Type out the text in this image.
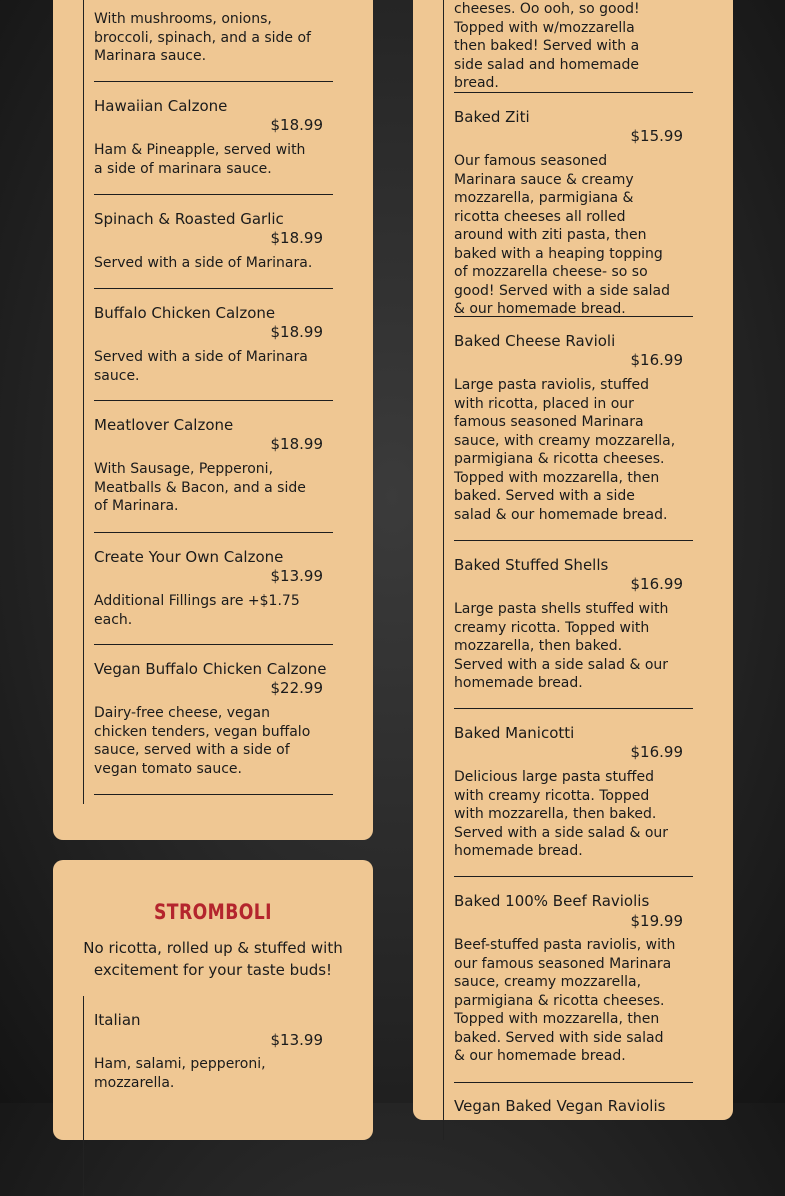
With mushrooms, onions, broccoli, spinach, and a side of Marinara sauce.
Hawaiian Calzone
$18.99
Ham & Pineapple, served with a side of marinara sauce.
Spinach & Roasted Garlic
$18.99
Served with a side of Marinara.
Buffalo Chicken Calzone
$18.99
Served with a side of Marinara sauce.
Meatlover Calzone
$18.99
With Sausage, Pepperoni, Meatballs & Bacon, and a side of Marinara.
Create Your Own Calzone
$13.99
Additional Fillings are +$1.75 each.
Vegan Buffalo Chicken Calzone
$22.99
Dairy-free cheese, vegan chicken tenders, vegan buffalo sauce, served with a side of vegan tomato sauce.
STROMBOLI
No ricotta, rolled up & stuffed with excitement for your taste buds!
Italian
$13.99
Ham, salami, pepperoni, mozzarella.
cheeses. Oo ooh, so good! Topped with w/mozzarella then baked! Served with a side salad and homemade bread.
Baked Ziti
$15.99
Our famous seasoned Marinara sauce & creamy mozzarella, parmigiana & ricotta cheeses all rolled around with ziti pasta, then baked with a heaping topping of mozzarella cheese- so so good! Served with a side salad & our homemade bread.
Baked Cheese Ravioli
$16.99
Large pasta raviolis, stuffed with ricotta, placed in our famous seasoned Marinara sauce, with creamy mozzarella, parmigiana & ricotta cheeses. Topped with mozzarella, then baked. Served with a side salad & our homemade bread.
Baked Stuffed Shells
$16.99
Large pasta shells stuffed with creamy ricotta. Topped with mozzarella, then baked. Served with a side salad & our homemade bread.
Baked Manicotti
$16.99
Delicious large pasta stuffed with creamy ricotta. Topped with mozzarella, then baked. Served with a side salad & our homemade bread.
Baked 100% Beef Raviolis
$19.99
Beef-stuffed pasta raviolis, with our famous seasoned Marinara sauce, creamy mozzarella, parmigiana & ricotta cheeses. Topped with mozzarella, then baked. Served with side salad & our homemade bread.
Vegan Baked Vegan Raviolis
